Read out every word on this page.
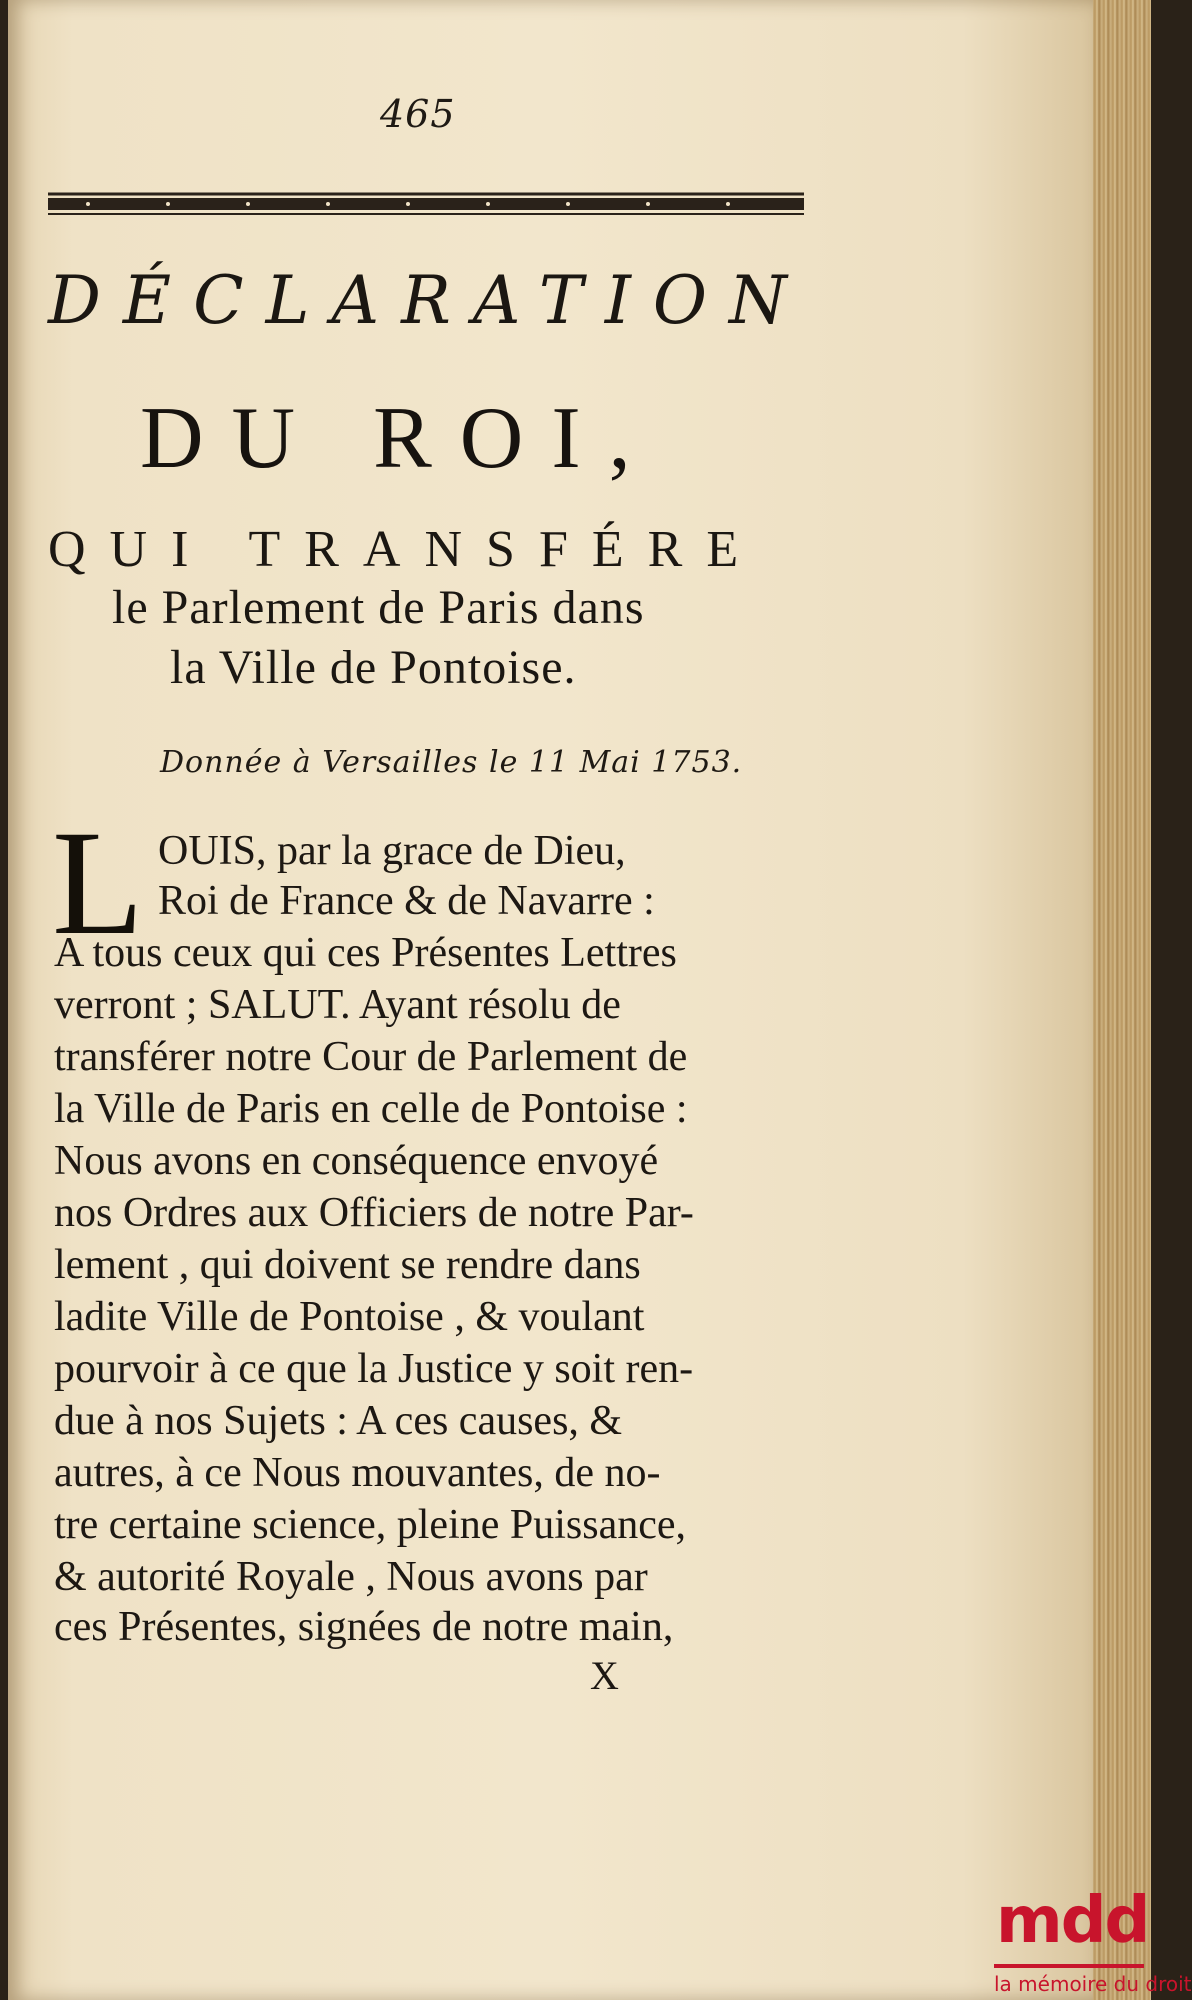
465
DÉCLARATION
DU ROI,
QUI TRANSFÉRE
le Parlement de Paris dans
la Ville de Pontoise.
Donnée à Versailles le 11 Mai 1753.
L OUIS, par la grace de Dieu,
Roi de France & de Navarre :
A tous ceux qui ces Présentes Lettres
verront ; SALUT. Ayant résolu de
transférer notre Cour de Parlement de
la Ville de Paris en celle de Pontoise :
Nous avons en conséquence envoyé
nos Ordres aux Officiers de notre Par-
lement , qui doivent se rendre dans
ladite Ville de Pontoise , & voulant
pourvoir à ce que la Justice y soit ren-
due à nos Sujets : A ces causes, &
autres, à ce Nous mouvantes, de no-
tre certaine science, pleine Puissance,
& autorité Royale , Nous avons par
ces Présentes, signées de notre main,
X
mdd
la mémoire du droit
